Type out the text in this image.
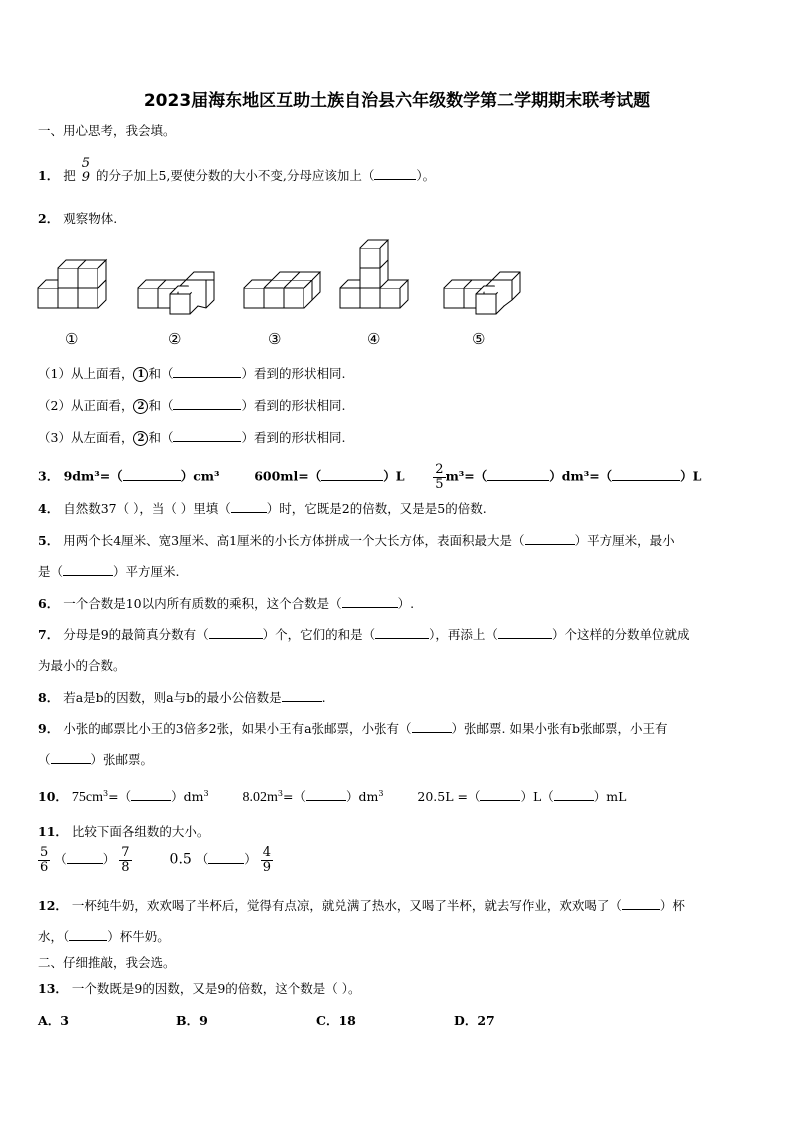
2023届海东地区互助土族自治县六年级数学第二学期期末联考试题
一、用心思考，我会填。
1． 把
5
9 的分子加上5,要使分数的大小不变,分母应该加上（	）。
2． 观察物体.
①	②	③	④	⑤
（1）从上面看， 1 和（	）看到的形状相同.
（2）从正面看， 2 和（	）看到的形状相同.
（3）从左面看， 2 和（	）看到的形状相同.
3． 9dm³=（	）cm³	600ml=（	）$L \frac{2}{5} m^3=$（	）dm³=（	）L
4． 自然数37（ ），当（ ）里填（	）时，它既是2的倍数，又是是5的倍数.
5． 用两个长4厘米、宽3厘米、高1厘米的小长方体拼成一个大长方体，表面积最大是（	）平方厘米，最小
是（	）平方厘米.
6． 一个合数是10以内所有质数的乘积，这个合数是（	）.
7． 分母是9的最简真分数有（	）个，它们的和是（	），再添上（	）个这样的分数单位就成
为最小的合数。
8． 若a是b的因数，则a与b的最小公倍数是	.
9． 小张的邮票比小王的3倍多2张，如果小王有a张邮票，小张有（	）张邮票. 如果小张有b张邮票，小王有
（	）张邮票。
10． $75cm^3=$（	）$dm^3$ $8.02m^3=$（	）$dm^3$	20.5L =（	）L（	）mL
11． 比较下面各组数的大小。
$\frac{5}{6}$ （	） $\frac{7}{8}$	0.5 （	） $\frac{4}{9}$
12． 一杯纯牛奶，欢欢喝了半杯后，觉得有点凉，就兑满了热水，又喝了半杯，就去写作业，欢欢喝了（	）杯
水，（	）杯牛奶。
二、仔细推敲，我会选。
13． 一个数既是9的因数，又是9的倍数，这个数是（ ）。
A．3	B．9	C．18	D．27
